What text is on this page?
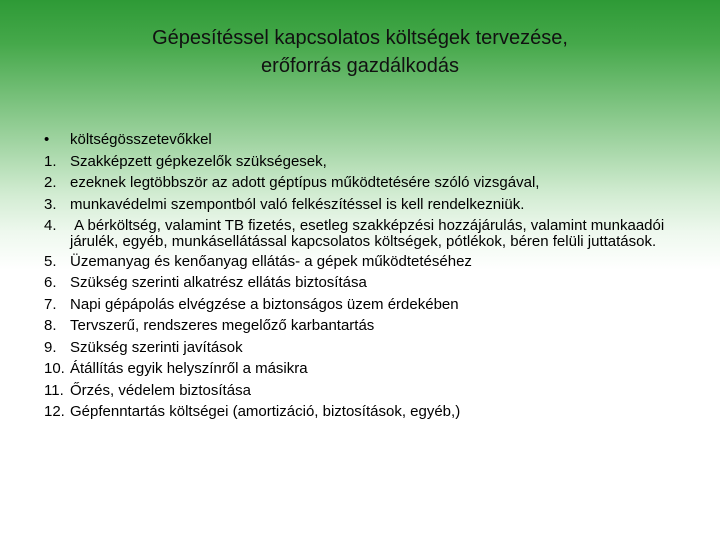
Gépesítéssel kapcsolatos költségek tervezése,
erőforrás gazdálkodás
•	költségösszetevőkkel
1. Szakképzett gépkezelők szükségesek,
2. ezeknek legtöbbször az adott géptípus működtetésére szóló vizsgával,
3. munkavédelmi szempontból való felkészítéssel is kell rendelkezniük.
4. A bérköltség, valamint TB fizetés, esetleg szakképzési hozzájárulás, valamint munkaadói járulék, egyéb, munkásellátással kapcsolatos költségek, pótlékok, béren felüli juttatások.
5. Üzemanyag és kenőanyag ellátás- a gépek működtetéséhez
6. Szükség szerinti alkatrész ellátás biztosítása
7. Napi gépápolás elvégzése a biztonságos üzem érdekében
8. Tervszerű, rendszeres megelőző karbantartás
9. Szükség szerinti javítások
10. Átállítás egyik helyszínről a másikra
11. Őrzés, védelem biztosítása
12. Gépfenntartás költségei (amortizáció, biztosítások, egyéb,)
